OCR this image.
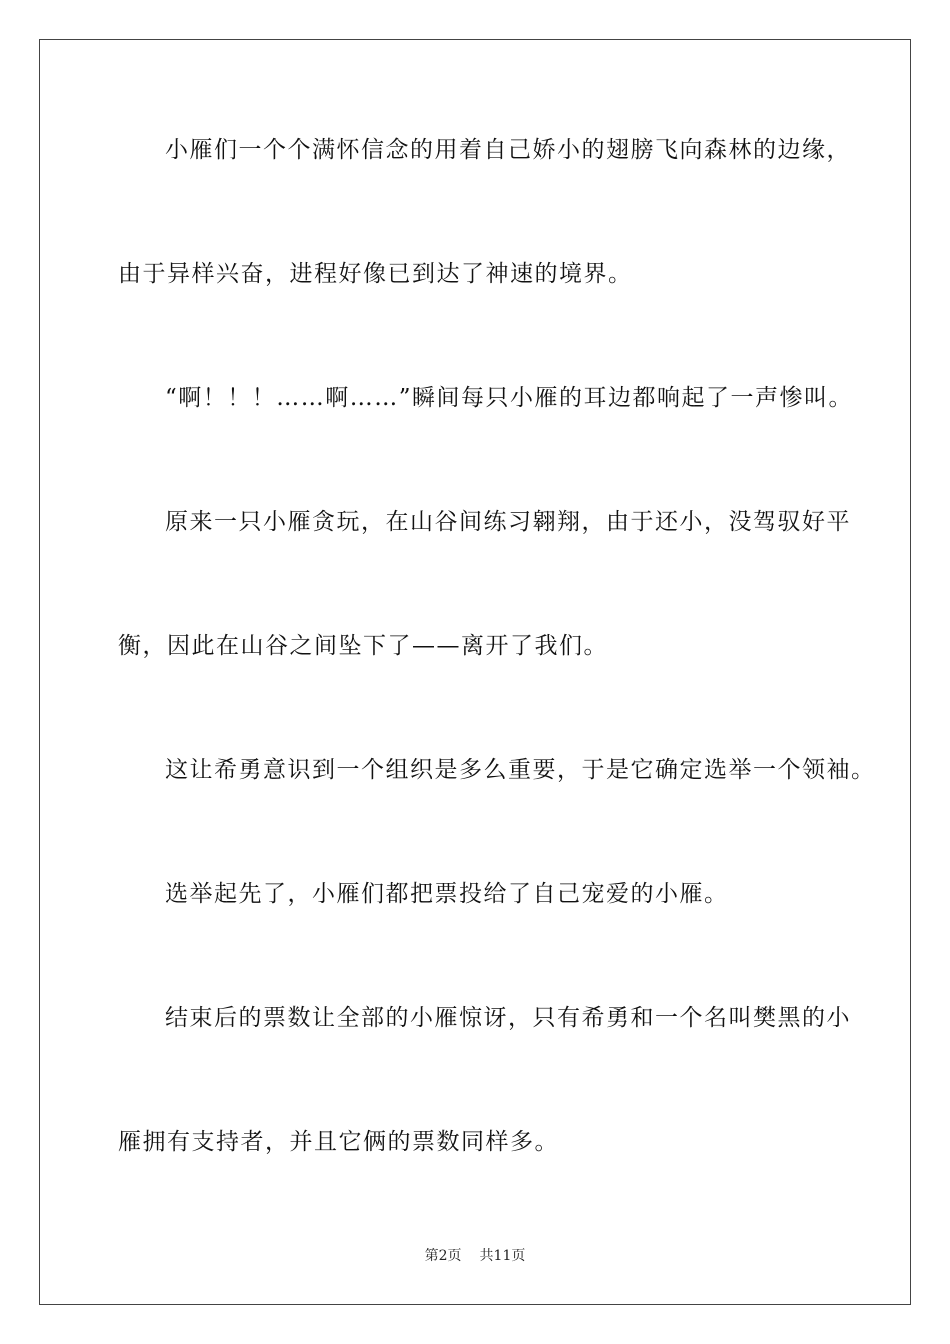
小雁们一个个满怀信念的用着自己娇小的翅膀飞向森林的边缘，

由于异样兴奋，进程好像已到达了神速的境界。

“啊！！！……啊……”瞬间每只小雁的耳边都响起了一声惨叫。

原来一只小雁贪玩，在山谷间练习翱翔，由于还小，没驾驭好平

衡，因此在山谷之间坠下了——离开了我们。

这让希勇意识到一个组织是多么重要，于是它确定选举一个领袖。

选举起先了，小雁们都把票投给了自己宠爱的小雁。

结束后的票数让全部的小雁惊讶，只有希勇和一个名叫樊黑的小

雁拥有支持者，并且它俩的票数同样多。

第2页 共11页
